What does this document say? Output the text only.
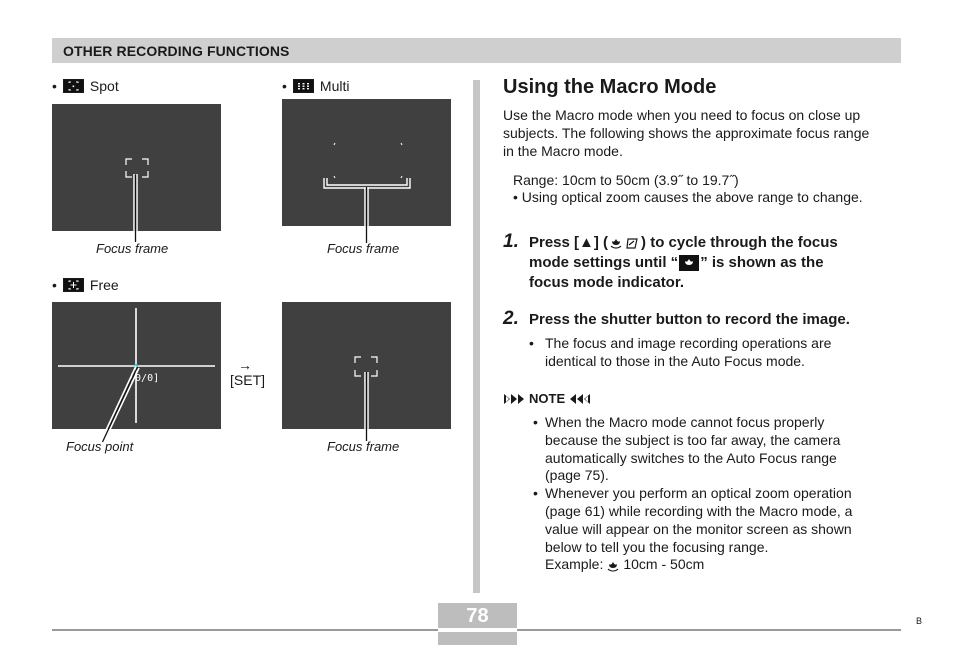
OTHER RECORDING FUNCTIONS
• Spot
Focus frame
• Multi
Focus frame
• Free
0/0]
Focus point
→
[SET]
Focus frame
Using the Macro Mode
Use the Macro mode when you need to focus on close up
subjects. The following shows the approximate focus range
in the Macro mode.
Range: 10cm to 50cm (3.9˝ to 19.7˝)
• Using optical zoom causes the above range to change.
1. Press [▲] ( ) to cycle through the focus
mode settings until “ ” is shown as the
focus mode indicator.
2. Press the shutter button to record the image.
• The focus and image recording operations are
identical to those in the Auto Focus mode.
NOTE
• When the Macro mode cannot focus properly
because the subject is too far away, the camera
automatically switches to the Auto Focus range
(page 75).
• Whenever you perform an optical zoom operation
(page 61) while recording with the Macro mode, a
value will appear on the monitor screen as shown
below to tell you the focusing range.
Example: 10cm - 50cm
78	B
